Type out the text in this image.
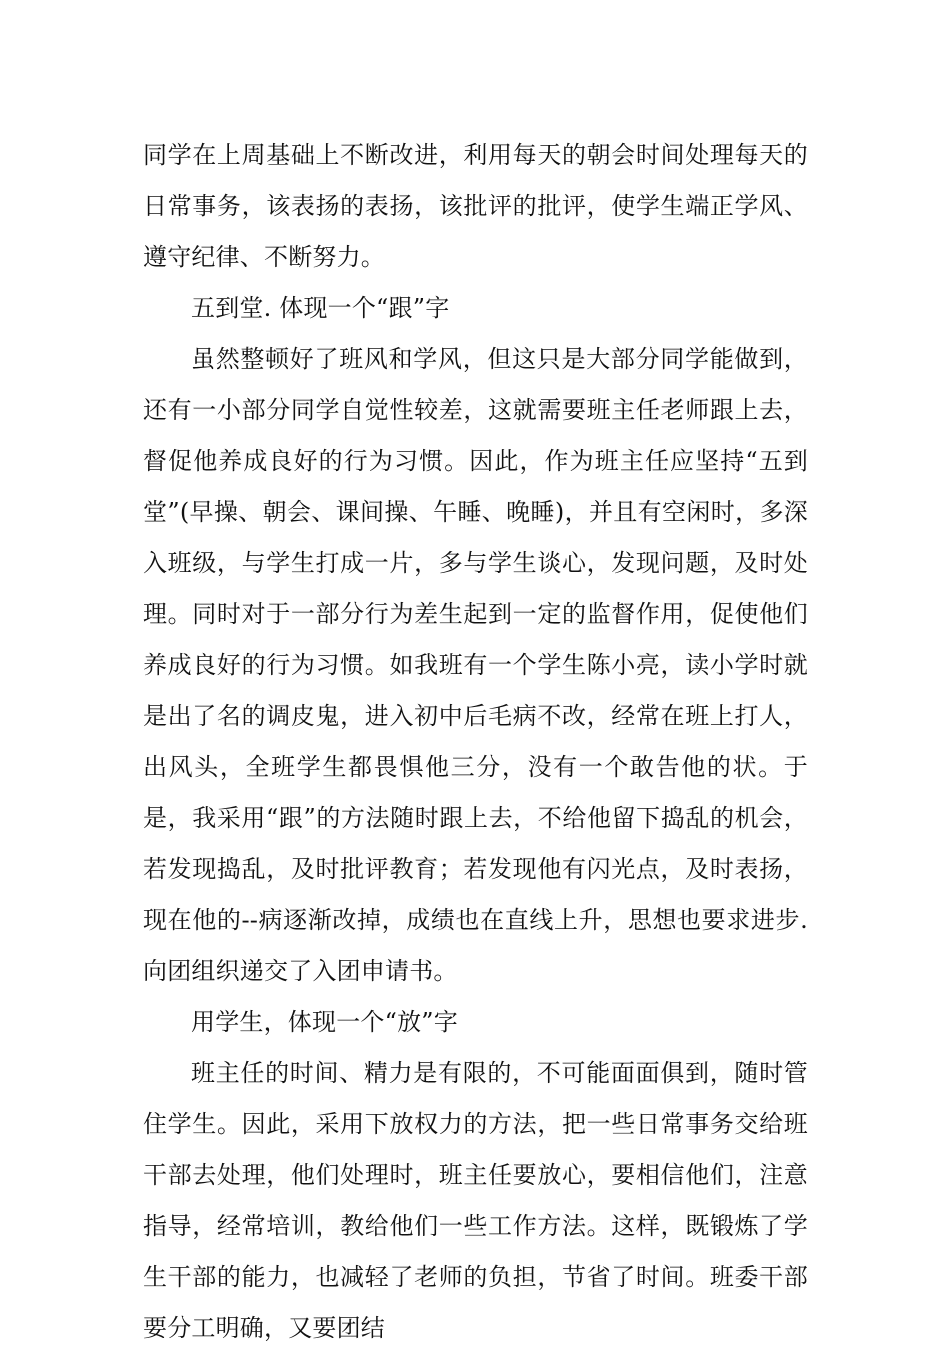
同学在上周基础上不断改进，利用每天的朝会时间处理每天的日常事务，该表扬的表扬，该批评的批评，使学生端正学风、遵守纪律、不断努力。

五到堂. 体现一个“跟”字

虽然整顿好了班风和学风，但这只是大部分同学能做到，还有一小部分同学自觉性较差，这就需要班主任老师跟上去，督促他养成良好的行为习惯。因此，作为班主任应坚持“五到堂”(早操、朝会、课间操、午睡、晚睡)，并且有空闲时，多深入班级，与学生打成一片，多与学生谈心，发现问题，及时处理。同时对于一部分行为差生起到一定的监督作用，促使他们养成良好的行为习惯。如我班有一个学生陈小亮，读小学时就是出了名的调皮鬼，进入初中后毛病不改，经常在班上打人，出风头，全班学生都畏惧他三分，没有一个敢告他的状。于是，我采用“跟”的方法随时跟上去，不给他留下捣乱的机会，若发现捣乱，及时批评教育；若发现他有闪光点，及时表扬，现在他的--病逐渐改掉，成绩也在直线上升，思想也要求进步. 向团组织递交了入团申请书。

用学生，体现一个“放”字

班主任的时间、精力是有限的，不可能面面俱到，随时管住学生。因此，采用下放权力的方法，把一些日常事务交给班干部去处理，他们处理时，班主任要放心，要相信他们，注意指导，经常培训，教给他们一些工作方法。这样，既锻炼了学生干部的能力，也减轻了老师的负担，节省了时间。班委干部要分工明确，又要团结
